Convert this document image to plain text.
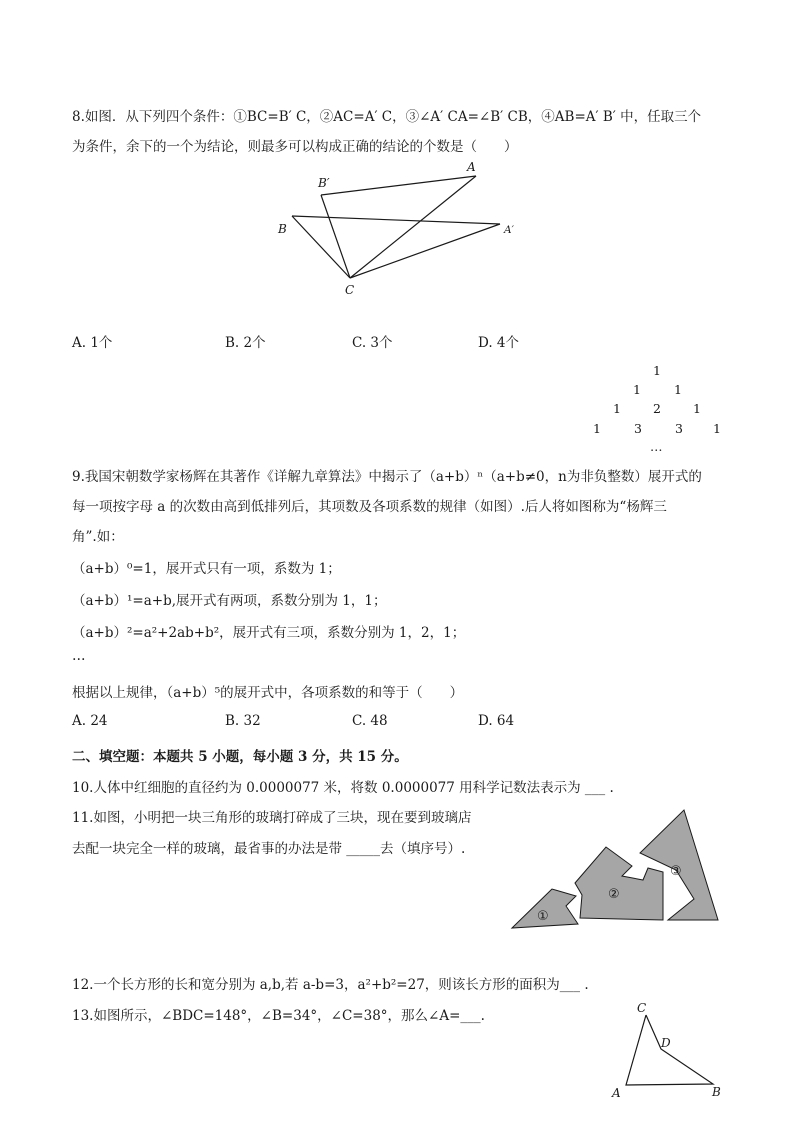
8.如图．从下列四个条件：①BC=B′ C，②AC=A′ C，③∠A′ CA=∠B′ CB，④AB=A′ B′ 中，任取三个
为条件，余下的一个为结论，则最多可以构成正确的结论的个数是（　　）
A
B′
B	A′
C
A. 1个	B. 2个	C. 3个	D. 4个
1
1	1
1	2	1
1	3	3 1
…
9.我国宋朝数学家杨辉在其著作《详解九章算法》中揭示了（a+b）ⁿ（a+b≠0，n为非负整数）展开式的
每一项按字母 a 的次数由高到低排列后，其项数及各项系数的规律（如图）.后人将如图称为“杨辉三
角”.如：
（a+b）⁰=1，展开式只有一项，系数为 1；
（a+b）¹=a+b,展开式有两项，系数分别为 1，1；
（a+b）²=a²+2ab+b²，展开式有三项，系数分别为 1，2，1；
…
根据以上规律，（a+b）⁵的展开式中，各项系数的和等于（　　）
A. 24	B. 32	C. 48	D. 64
二、填空题：本题共 5 小题，每小题 3 分，共 15 分。
10.人体中红细胞的直径约为 0.0000077 米，将数 0.0000077 用科学记数法表示为 ___ .
11.如图，小明把一块三角形的玻璃打碎成了三块，现在要到玻璃店
去配一块完全一样的玻璃，最省事的办法是带 _____去（填序号）.
①
②
③
12.一个长方形的长和宽分别为 a,b,若 a-b=3，a²+b²=27，则该长方形的面积为___ .
13.如图所示，∠BDC=148°，∠B=34°，∠C=38°，那么∠A=___.	C
D
A	B
